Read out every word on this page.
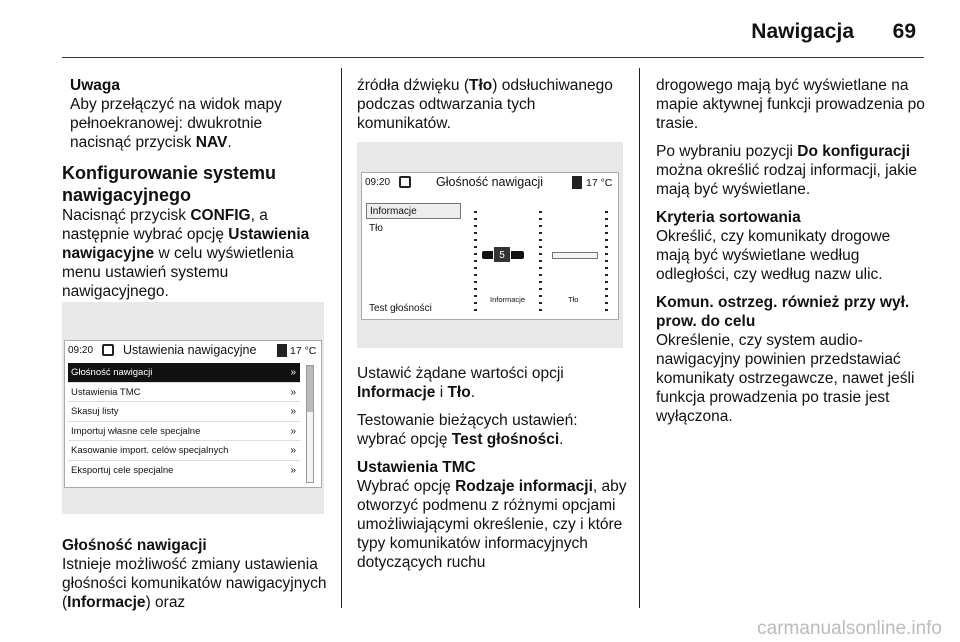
Nawigacja 69
Uwaga
Aby przełączyć na widok mapy pełnoekranowej: dwukrotnie nacisnąć przycisk NAV.
Konfigurowanie systemu nawigacyjnego

Nacisnąć przycisk CONFIG, a następnie wybrać opcję Ustawienia nawigacyjne w celu wyświetlenia menu ustawień systemu nawigacyjnego.

Głośność nawigacji

Istnieje możliwość zmiany ustawienia głośności komunikatów nawigacyjnych (Informacje) oraz

09:20 Ustawienia nawigacyjne	17 °C
Głośność nawigacji	»
Ustawienia TMC	»
Skasuj listy	»
Importuj własne cele specjalne	»
Kasowanie import. celów specjalnych	»
Eksportuj cele specjalne	»

źródła dźwięku (Tło) odsłuchiwanego podczas odtwarzania tych komunikatów.

09:20	Głośność nawigacji	17 °C
Informacje
Tło
Test głośności
5
Informacje	Tło

Ustawić żądane wartości opcji Informacje i Tło.

Testowanie bieżących ustawień: wybrać opcję Test głośności.

Ustawienia TMC

Wybrać opcję Rodzaje informacji, aby otworzyć podmenu z różnymi opcjami umożliwiającymi określenie, czy i które typy komunikatów informacyjnych dotyczących ruchu

drogowego mają być wyświetlane na mapie aktywnej funkcji prowadzenia po trasie.

Po wybraniu pozycji Do konfiguracji można określić rodzaj informacji, jakie mają być wyświetlane.

Kryteria sortowania

Określić, czy komunikaty drogowe mają być wyświetlane według odległości, czy według nazw ulic.

Komun. ostrzeg. również przy wył. prow. do celu

Określenie, czy system audio-nawigacyjny powinien przedstawiać komunikaty ostrzegawcze, nawet jeśli funkcja prowadzenia po trasie jest wyłączona.

carmanualsonline.info
